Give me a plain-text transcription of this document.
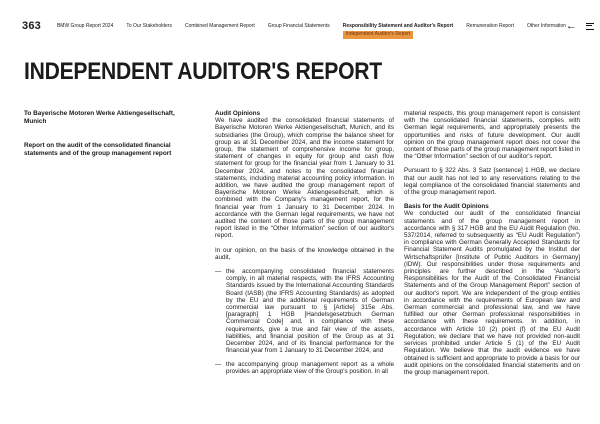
363	BMW Group Report 2024	To Our Stakeholders	Combined Management Report	Group Financial Statements	Responsibility Statement and Auditor's Report
Independent Auditor's Report
Remuneration Report	Other Information ←
INDEPENDENT AUDITOR'S REPORT
To Bayerische Motoren Werke Aktiengesellschaft, Munich
Report on the audit of the consolidated financial statements and of the group management report
Audit Opinions

We have audited the consolidated financial statements of Bayerische Motoren Werke Aktiengesellschaft, Munich, and its subsidiaries (the Group), which comprise the balance sheet for group as at 31 December 2024, and the income statement for group, the statement of comprehensive income for group, statement of changes in equity for group and cash flow statement for group for the financial year from 1 January to 31 December 2024, and notes to the consolidated financial statements, including material accounting policy information. In addition, we have audited the group management report of Bayerische Motoren Werke Aktiengesellschaft, which is combined with the Company's management report, for the financial year from 1 January to 31 December 2024. In accordance with the German legal requirements, we have not audited the content of those parts of the group management report listed in the “Other Information” section of our auditor's report.

In our opinion, on the basis of the knowledge obtained in the audit,

— the accompanying consolidated financial statements comply, in all material respects, with the IFRS Accounting Standards issued by the International Accounting Standards Board (IASB) (the IFRS Accounting Standards) as adopted by the EU and the additional requirements of German commercial law pursuant to § [Article] 315e Abs. [paragraph] 1 HGB [Handelsgesetzbuch German Commercial Code] and, in compliance with these requirements, give a true and fair view of the assets, liabilities, and financial position of the Group as at 31 December 2024, and of its financial performance for the financial year from 1 January to 31 December 2024, and
— the accompanying group management report as a whole provides an appropriate view of the Group's position. In all

material respects, this group management report is consistent with the consolidated financial statements, complies with German legal requirements, and appropriately presents the opportunities and risks of future development. Our audit opinion on the group management report does not cover the content of those parts of the group management report listed in the “Other Information” section of our auditor's report.

Pursuant to § 322 Abs. 3 Satz [sentence] 1 HGB, we declare that our audit has not led to any reservations relating to the legal compliance of the consolidated financial statements and of the group management report.

Basis for the Audit Opinions

We conducted our audit of the consolidated financial statements and of the group management report in accordance with § 317 HGB and the EU Audit Regulation (No. 537/2014, referred to subsequently as “EU Audit Regulation”) in compliance with German Generally Accepted Standards for Financial Statement Audits promulgated by the Institut der Wirtschaftsprüfer [Institute of Public Auditors in Germany] (IDW). Our responsibilities under those requirements and principles are further described in the “Auditor's Responsibilities for the Audit of the Consolidated Financial Statements and of the Group Management Report” section of our auditor's report. We are independent of the group entities in accordance with the requirements of European law and German commercial and professional law, and we have fulfilled our other German professional responsibilities in accordance with these requirements. In addition, in accordance with Article 10 (2) point (f) of the EU Audit Regulation, we declare that we have not provided non-audit services prohibited under Article 5 (1) of the EU Audit Regulation. We believe that the audit evidence we have obtained is sufficient and appropriate to provide a basis for our audit opinions on the consolidated financial statements and on the group management report.
